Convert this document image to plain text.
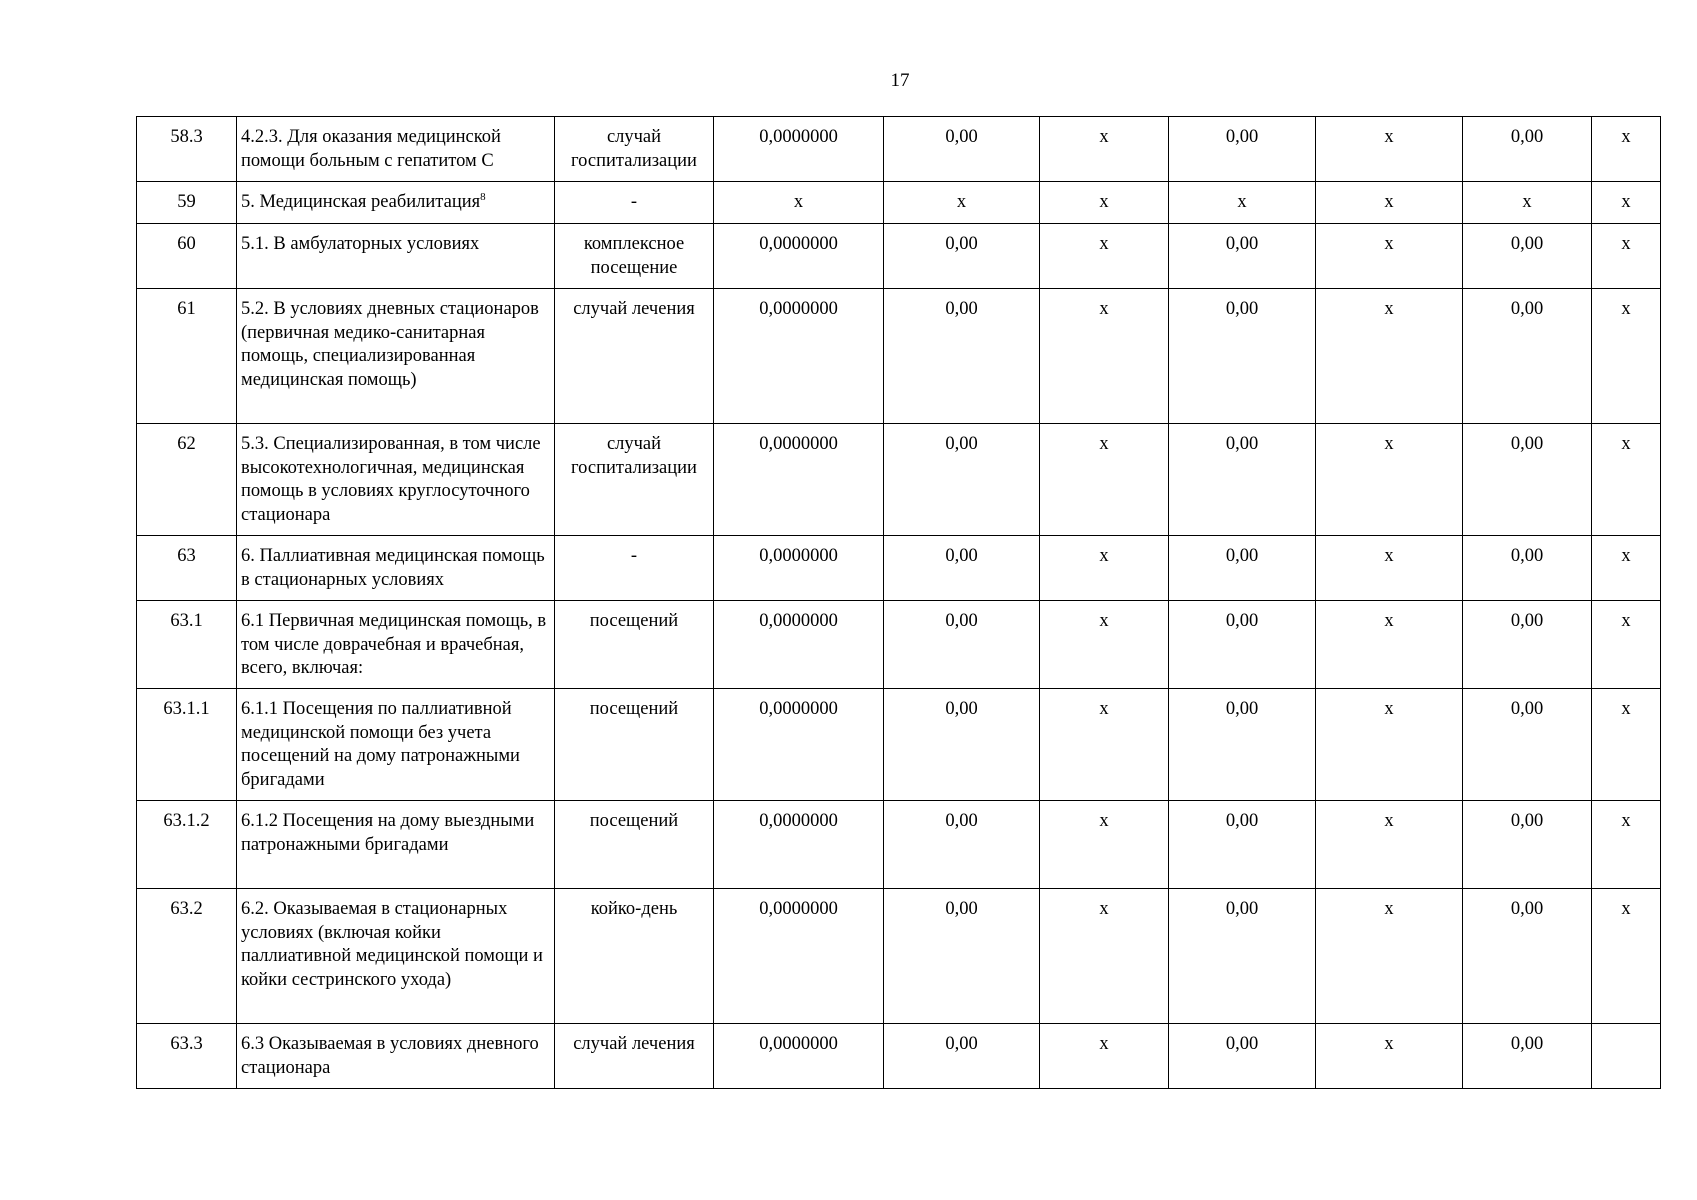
17
58.3	4.2.3. Для оказания медицинской помощи больным с гепатитом С	случай госпитализации	0,0000000	0,00	х	0,00	х	0,00	х
59	5. Медицинская реабилитация$^8$	-	х	х	х	х	х	х	х
60	5.1. В амбулаторных условиях	комплексное посещение	0,0000000	0,00	х	0,00	х	0,00	х
61	5.2. В условиях дневных стационаров (первичная медико-санитарная помощь, специализированная медицинская помощь)	случай лечения	0,0000000	0,00	х	0,00	х	0,00	х
62	5.3. Специализированная, в том числе высокотехнологичная, медицинская помощь в условиях круглосуточного стационара	случай госпитализации	0,0000000	0,00	х	0,00	х	0,00	х
63	6. Паллиативная медицинская помощь в стационарных условиях	-	0,0000000	0,00	х	0,00	х	0,00	х
63.1	6.1 Первичная медицинская помощь, в том числе доврачебная и врачебная, всего, включая:	посещений	0,0000000	0,00	х	0,00	х	0,00	х
63.1.1	6.1.1 Посещения по паллиативной медицинской помощи без учета посещений на дому патронажными бригадами	посещений	0,0000000	0,00	х	0,00	х	0,00	х
63.1.2	6.1.2 Посещения на дому выездными патронажными бригадами	посещений	0,0000000	0,00	х	0,00	х	0,00	х
63.2	6.2. Оказываемая в стационарных условиях (включая койки паллиативной медицинской помощи и койки сестринского ухода)	койко-день	0,0000000	0,00	х	0,00	х	0,00	х
63.3	6.3 Оказываемая в условиях дневного стационара	случай лечения	0,0000000	0,00	х	0,00	х	0,00	
